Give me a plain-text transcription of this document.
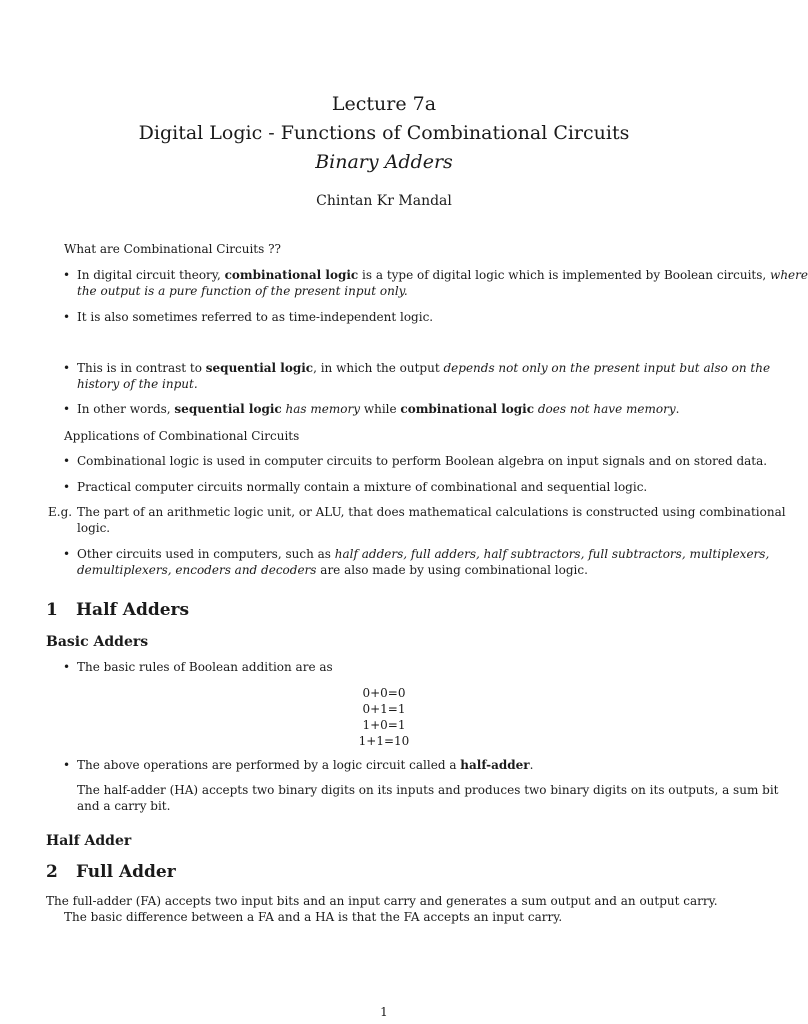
Lecture 7a
Digital Logic - Functions of Combinational Circuits
Binary Adders
Chintan Kr Mandal
What are Combinational Circuits ??
• In digital circuit theory, combinational logic is a type of digital logic which is implemented by Boolean circuits, where
the output is a pure function of the present input only.
• It is also sometimes referred to as time-independent logic.
• This is in contrast to sequential logic, in which the output depends not only on the present input but also on the
history of the input.
• In other words, sequential logic has memory while combinational logic does not have memory.
Applications of Combinational Circuits
• Combinational logic is used in computer circuits to perform Boolean algebra on input signals and on stored data.
• Practical computer circuits normally contain a mixture of combinational and sequential logic.
E.g. The part of an arithmetic logic unit, or ALU, that does mathematical calculations is constructed using combinational
logic.
• Other circuits used in computers, such as half adders, full adders, half subtractors, full subtractors, multiplexers,
demultiplexers, encoders and decoders are also made by using combinational logic.
1 Half Adders
Basic Adders
• The basic rules of Boolean addition are as
0+0=0
0+1=1
1+0=1
1+1=10
• The above operations are performed by a logic circuit called a half-adder.
The half-adder (HA) accepts two binary digits on its inputs and produces two binary digits on its outputs, a sum bit
and a carry bit.
Half Adder
2 Full Adder
The full-adder (FA) accepts two input bits and an input carry and generates a sum output and an output carry.
The basic difference between a FA and a HA is that the FA accepts an input carry.
1
